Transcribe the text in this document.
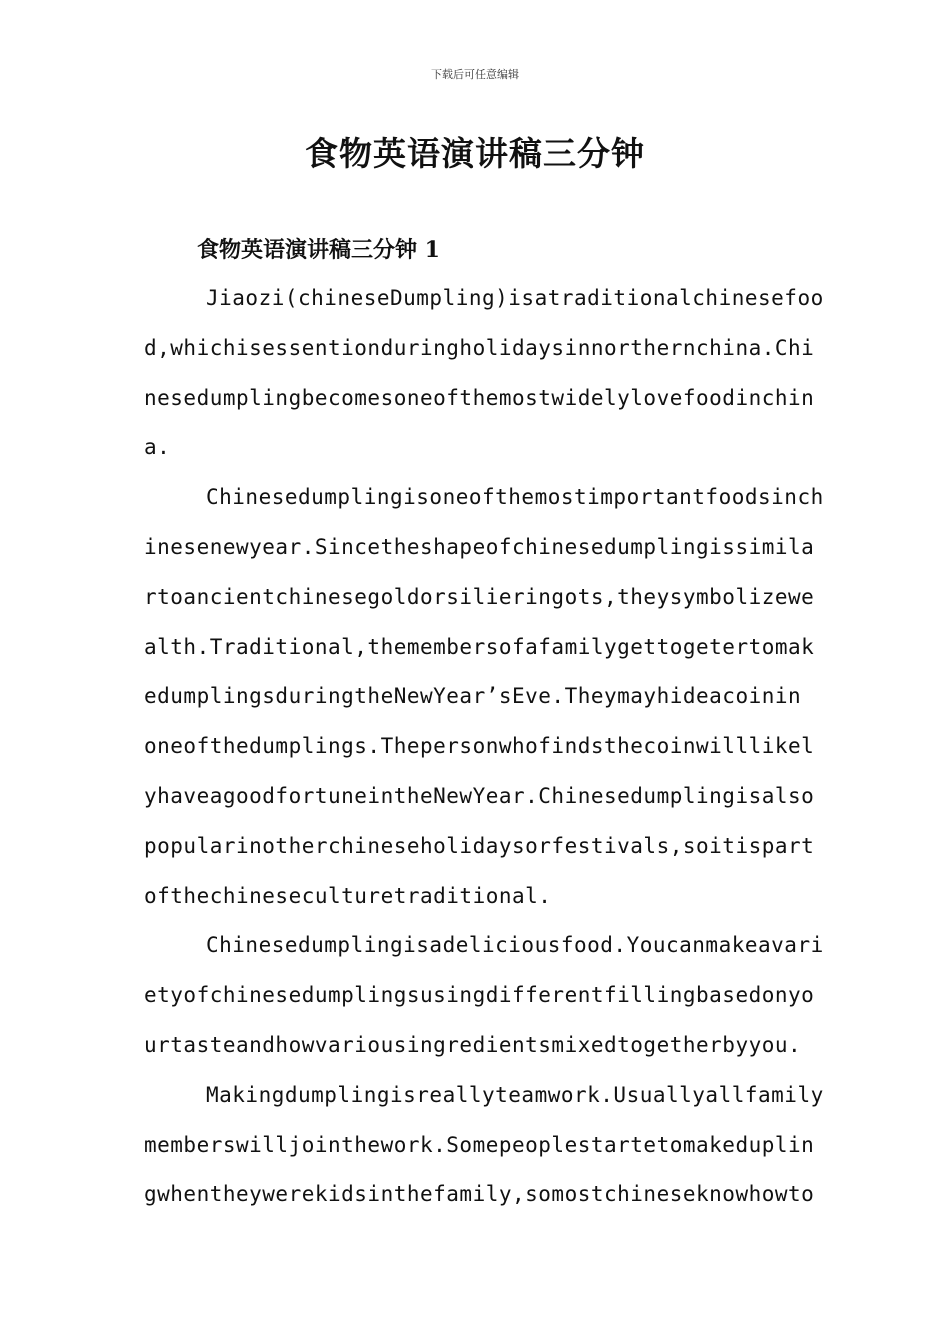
下载后可任意编辑
食物英语演讲稿三分钟
食物英语演讲稿三分钟 1
Jiaozi(chineseDumpling)isatraditionalchinesefoo
d,whichisessentionduringholidaysinnorthernchina.Chi
nesedumplingbecomesoneofthemostwidelylovefoodinchin
a.
Chinesedumplingisoneofthemostimportantfoodsinch
inesenewyear.Sincetheshapeofchinesedumplingissimila
rtoancientchinesegoldorsilieringots,theysymbolizewe
alth.Traditional,themembersofafamilygettogetertomak
edumplingsduringtheNewYear’sEve.Theymayhideacoinin
oneofthedumplings.Thepersonwhofindsthecoinwilllikel
yhaveagoodfortuneintheNewYear.Chinesedumplingisalso
popularinotherchineseholidaysorfestivals,soitispart
ofthechineseculturetraditional.
Chinesedumplingisadeliciousfood.Youcanmakeavari
etyofchinesedumplingsusingdifferentfillingbasedonyo
urtasteandhowvariousingredientsmixedtogetherbyyou.
Makingdumplingisreallyteamwork.Usuallyallfamily
memberswilljointhework.Somepeoplestartetomakeduplin
gwhentheywerekidsinthefamily,somostchineseknowhowto
